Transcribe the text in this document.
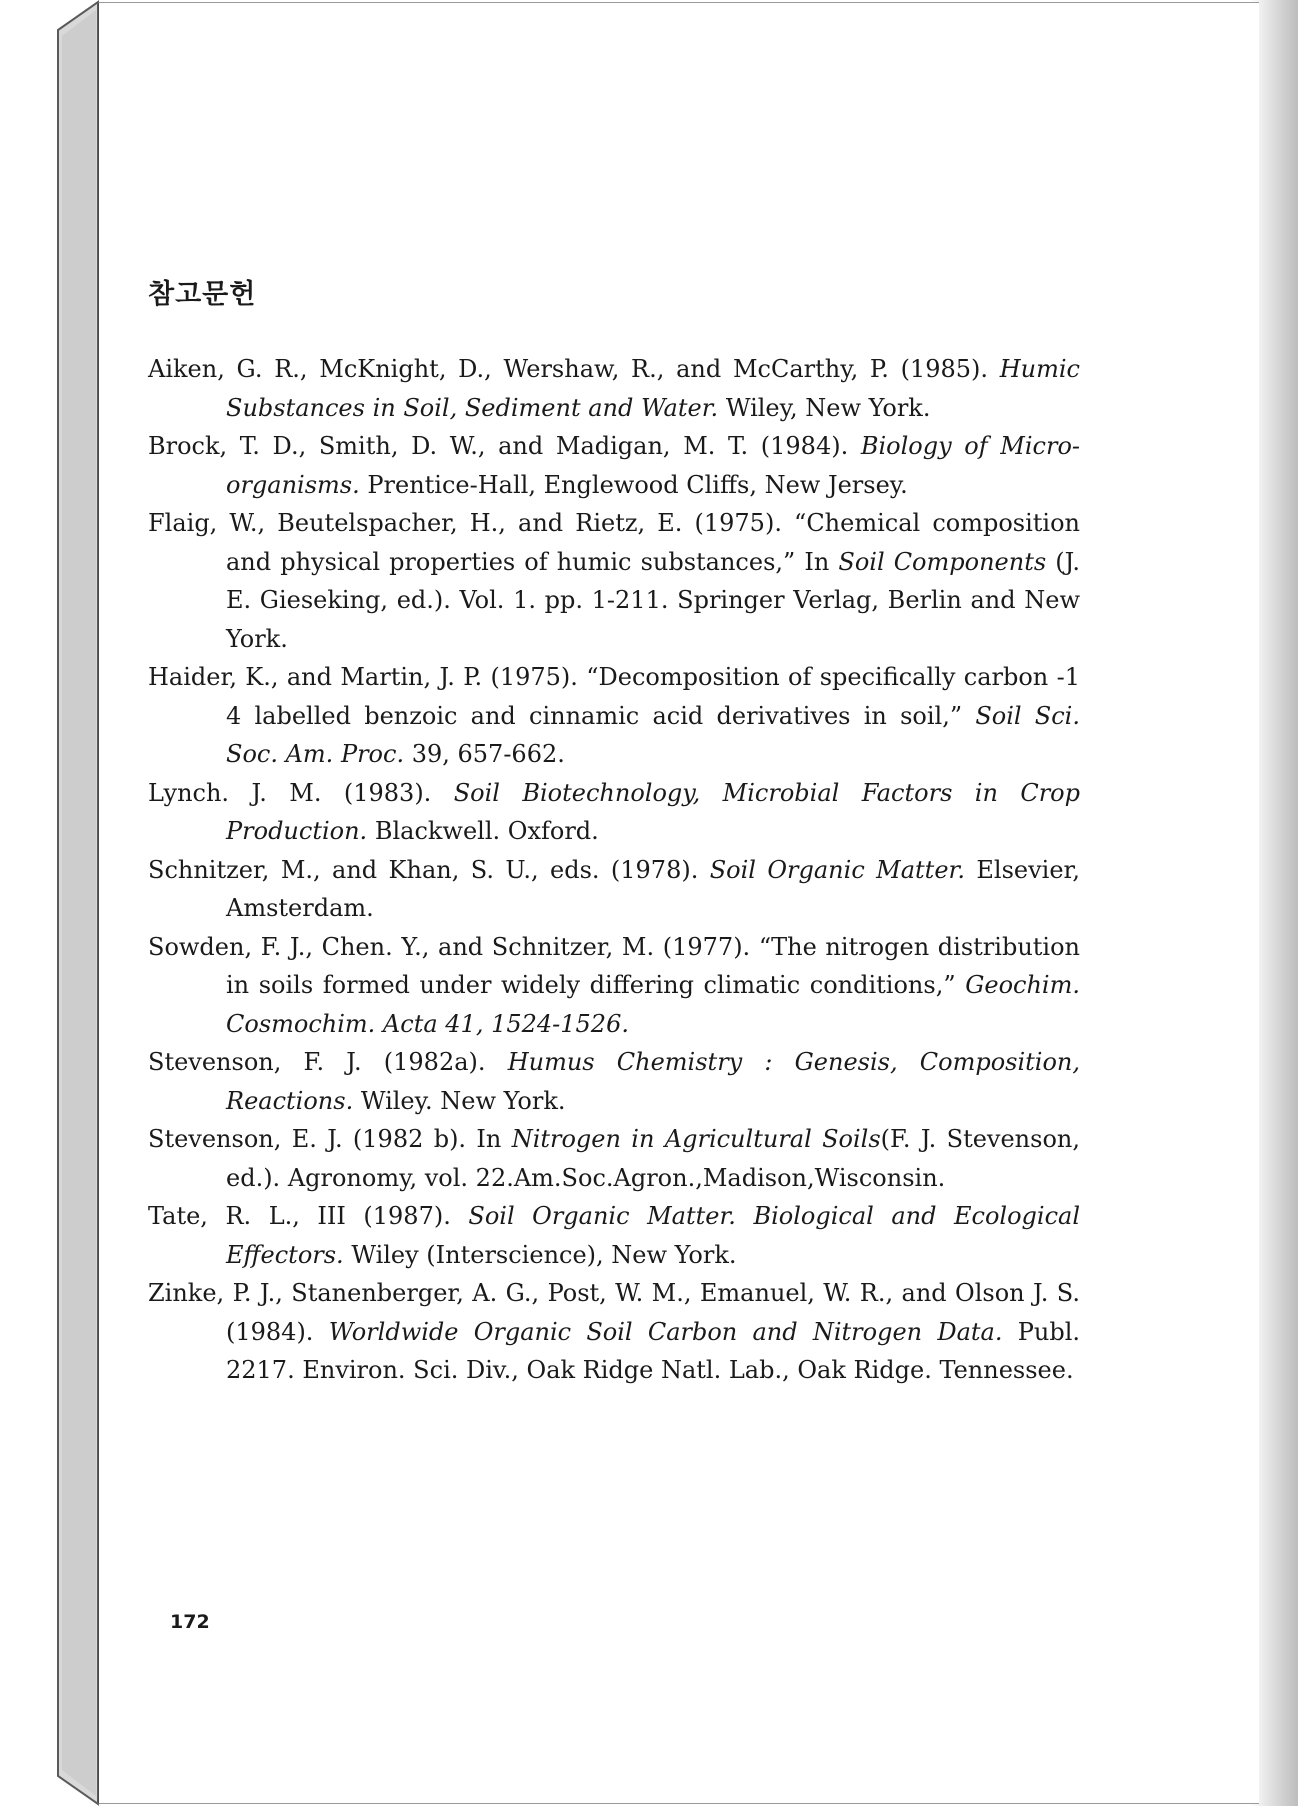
참고문헌
Aiken, G. R., McKnight, D., Wershaw, R., and McCarthy, P. (1985). Humic Substances in Soil, Sediment and Water. Wiley, New York.
Brock, T. D., Smith, D. W., and Madigan, M. T. (1984). Biology of Micro-organisms. Prentice-Hall, Englewood Cliffs, New Jersey.
Flaig, W., Beutelspacher, H., and Rietz, E. (1975). “Chemical composition and physical properties of humic substances,” In Soil Components (J. E. Gieseking, ed.). Vol. 1. pp. 1-211. Springer Verlag, Berlin and New York.
Haider, K., and Martin, J. P. (1975). “Decomposition of specifically carbon -1 4 labelled benzoic and cinnamic acid derivatives in soil,” Soil Sci. Soc. Am. Proc. 39, 657-662.
Lynch. J. M. (1983). Soil Biotechnology, Microbial Factors in Crop Production. Blackwell. Oxford.
Schnitzer, M., and Khan, S. U., eds. (1978). Soil Organic Matter. Elsevier, Amsterdam.
Sowden, F. J., Chen. Y., and Schnitzer, M. (1977). “The nitrogen distribution in soils formed under widely differing climatic conditions,” Geochim. Cosmochim. Acta 41, 1524-1526.
Stevenson, F. J. (1982a). Humus Chemistry : Genesis, Composition, Reactions. Wiley. New York.
Stevenson, E. J. (1982 b). In Nitrogen in Agricultural Soils(F. J. Stevenson, ed.). Agronomy, vol. 22.Am.Soc.Agron.,Madison,Wisconsin.
Tate, R. L., III (1987). Soil Organic Matter. Biological and Ecological Effectors. Wiley (Interscience), New York.
Zinke, P. J., Stanenberger, A. G., Post, W. M., Emanuel, W. R., and Olson J. S. (1984). Worldwide Organic Soil Carbon and Nitrogen Data. Publ. 2217. Environ. Sci. Div., Oak Ridge Natl. Lab., Oak Ridge. Tennessee.
172
